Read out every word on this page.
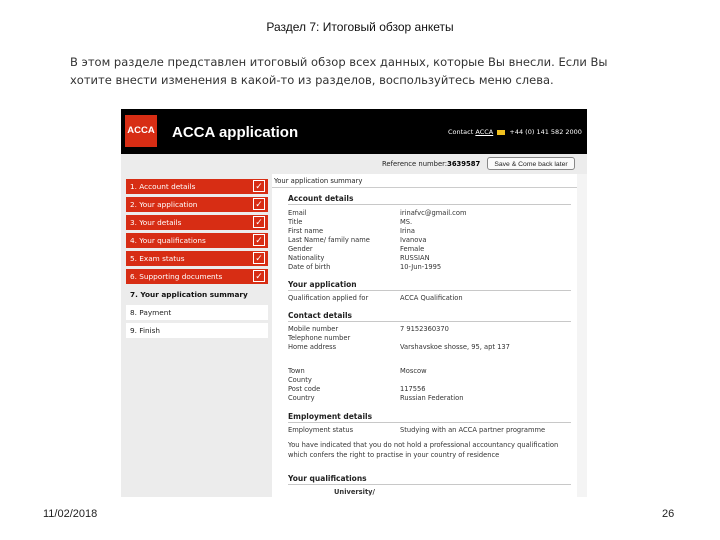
Раздел 7: Итоговый обзор анкеты
В этом разделе представлен итоговый обзор всех данных, которые Вы внесли. Если Вы хотите внести изменения в какой-то из разделов, воспользуйтесь меню слева.
ACCA ACCA application	Contact ACCA +44 (0) 141 582 2000
Reference number:3639587	Save & Come back later
1. Account details	✓
2. Your application	✓
3. Your details	✓
4. Your qualifications	✓
5. Exam status	✓
6. Supporting documents	✓
7. Your application summary
8. Payment
9. Finish
Your application summary
Account details
Email	irinafvc@gmail.com
Title	MS.
First name	Irina
Last Name/ family name	Ivanova
Gender	Female
Nationality	RUSSIAN
Date of birth	10-Jun-1995
Your application
Qualification applied for	ACCA Qualification
Contact details
Mobile number	7 9152360370
Telephone number
Home address	Varshavskoe shosse, 95, apt 137
Town	Moscow
County
Post code	117556
Country	Russian Federation
Employment details
Employment status	Studying with an ACCA partner programme
You have indicated that you do not hold a professional accountancy qualification which confers the right to practise in your country of residence
Your qualifications
University/
11/02/2018	26
